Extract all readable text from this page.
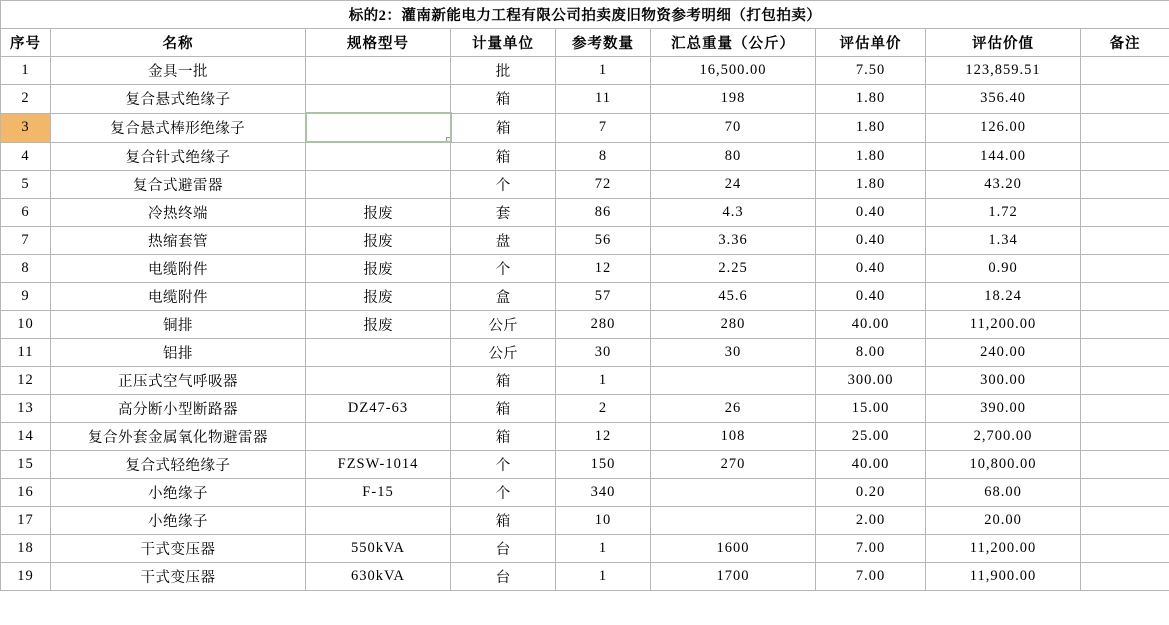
标的2：灌南新能电力工程有限公司拍卖废旧物资参考明细（打包拍卖）								
序号	名称	规格型号	计量单位	参考数量	汇总重量（公斤）	评估单价	评估价值	备注
1	金具一批		批	1	16,500.00	7.50	123,859.51	
2	复合悬式绝缘子		箱	11	198	1.80	356.40	
3	复合悬式棒形绝缘子		箱	7	70	1.80	126.00	
4	复合针式绝缘子		箱	8	80	1.80	144.00	
5	复合式避雷器		个	72	24	1.80	43.20	
6	冷热终端	报废	套	86	4.3	0.40	1.72	
7	热缩套管	报废	盘	56	3.36	0.40	1.34	
8	电缆附件	报废	个	12	2.25	0.40	0.90	
9	电缆附件	报废	盒	57	45.6	0.40	18.24	
10	铜排	报废	公斤	280	280	40.00	11,200.00	
11	铝排		公斤	30	30	8.00	240.00	
12	正压式空气呼吸器		箱	1		300.00	300.00	
13	高分断小型断路器	DZ47-63	箱	2	26	15.00	390.00	
14	复合外套金属氧化物避雷器		箱	12	108	25.00	2,700.00	
15	复合式轻绝缘子	FZSW-1014	个	150	270	40.00	10,800.00	
16	小绝缘子	F-15	个	340		0.20	68.00	
17	小绝缘子		箱	10		2.00	20.00	
18	干式变压器	550kVA	台	1	1600	7.00	11,200.00	
19	干式变压器	630kVA	台	1	1700	7.00	11,900.00	
